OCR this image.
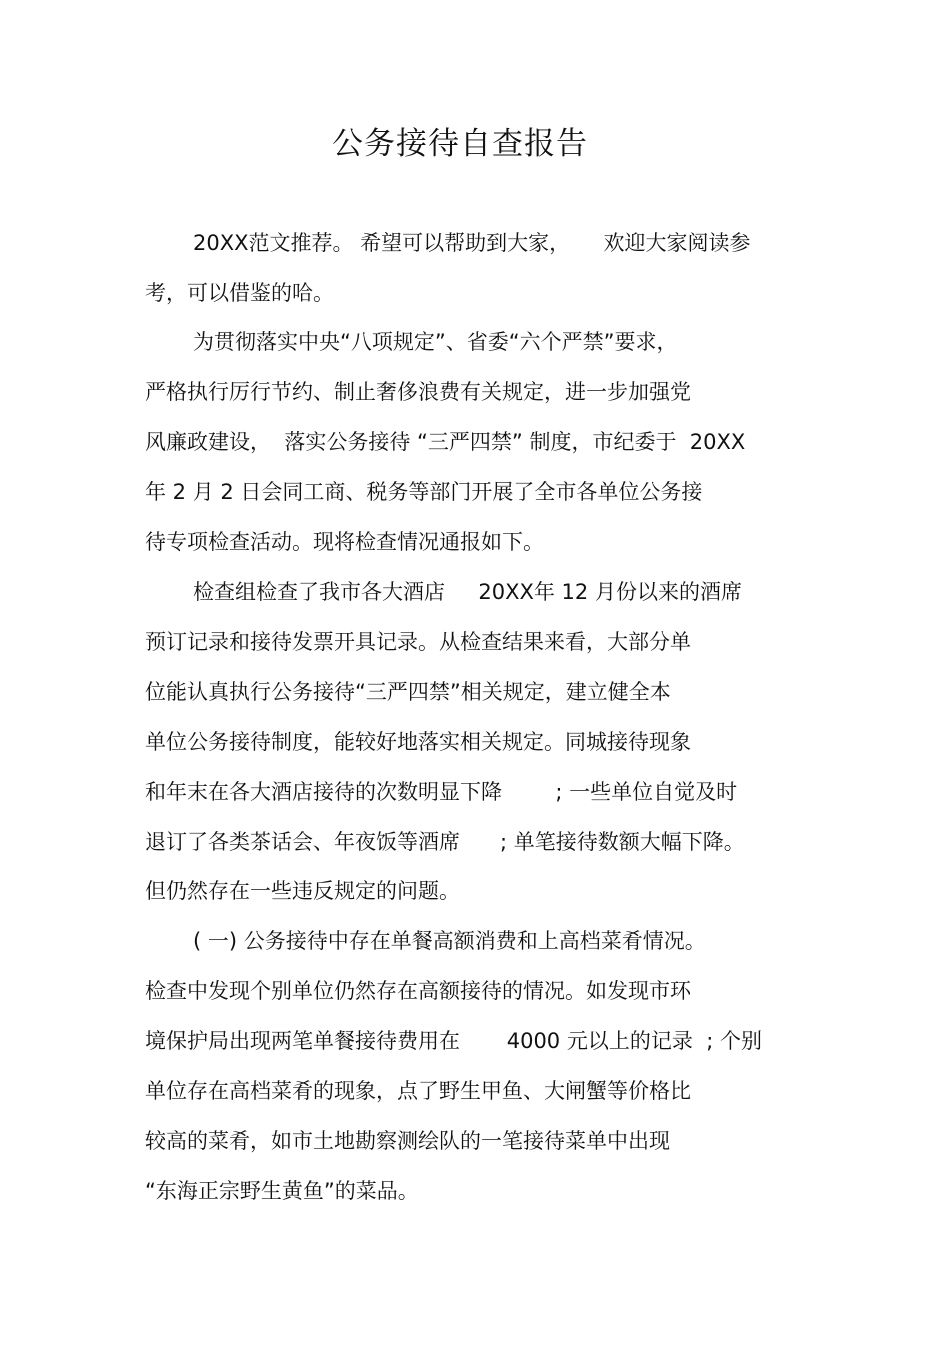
公务接待自查报告
20XX范文推荐。 希望可以帮助到大家，     欢迎大家阅读参
考，可以借鉴的哈。
为贯彻落实中央“八项规定”、省委“六个严禁”要求，
严格执行厉行节约、制止奢侈浪费有关规定，进一步加强党
风廉政建设，  落实公务接待 “三严四禁” 制度，市纪委于  20XX
年 2 月 2 日会同工商、税务等部门开展了全市各单位公务接
待专项检查活动。现将检查情况通报如下。
检查组检查了我市各大酒店     20XX年 12 月份以来的酒席
预订记录和接待发票开具记录。从检查结果来看，大部分单
位能认真执行公务接待“三严四禁”相关规定，建立健全本
单位公务接待制度，能较好地落实相关规定。同城接待现象
和年末在各大酒店接待的次数明显下降        ; 一些单位自觉及时
退订了各类茶话会、年夜饭等酒席      ; 单笔接待数额大幅下降。
但仍然存在一些违反规定的问题。
( 一) 公务接待中存在单餐高额消费和上高档菜肴情况。
检查中发现个别单位仍然存在高额接待的情况。如发现市环
境保护局出现两笔单餐接待费用在       4000 元以上的记录  ; 个别
单位存在高档菜肴的现象，点了野生甲鱼、大闸蟹等价格比
较高的菜肴，如市土地勘察测绘队的一笔接待菜单中出现
“东海正宗野生黄鱼”的菜品。
